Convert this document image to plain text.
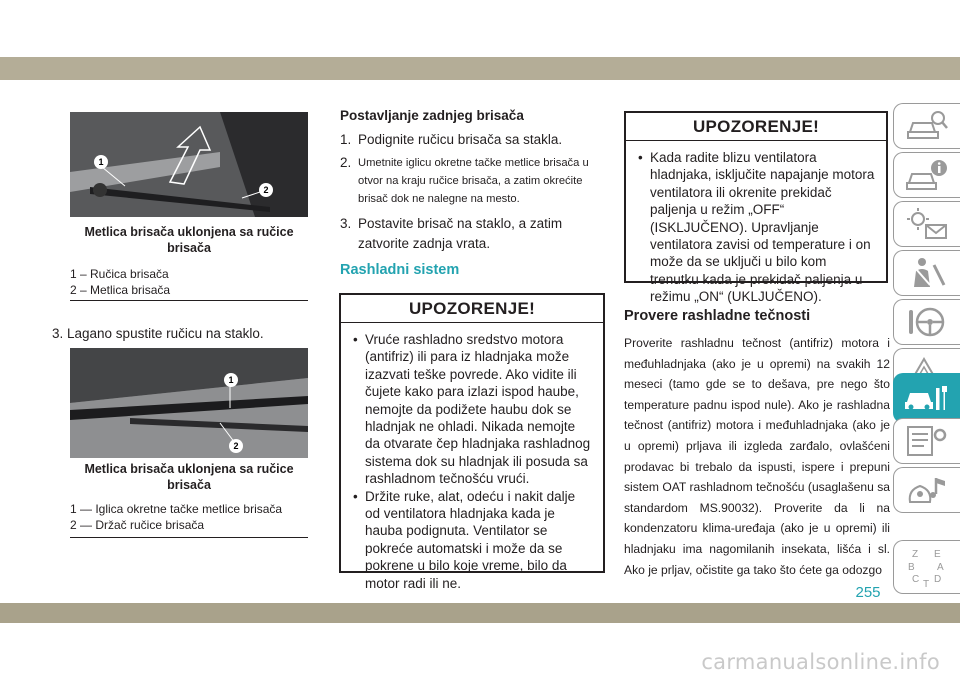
1
2
Metlica brisača uklonjena sa ručice brisača
1 – Ručica brisača
2 – Metlica brisača
3. Lagano spustite ručicu na staklo.
1
2
Metlica brisača uklonjena sa ručice brisača
1 — Iglica okretne tačke metlice brisača
2 — Držač ručice brisača
Postavljanje zadnjeg brisača
1. Podignite ručicu brisača sa stakla.
2. Umetnite iglicu okretne tačke metlice brisača u otvor na kraju ručice brisača, a zatim okrećite brisač dok ne nalegne na mesto.
3. Postavite brisač na staklo, a zatim zatvorite zadnja vrata.
Rashladni sistem
UPOZORENJE!
• Vruće rashladno sredstvo motora (antifriz) ili para iz hladnjaka može izazvati teške povrede. Ako vidite ili čujete kako para izlazi ispod haube, nemojte da podižete haubu dok se hladnjak ne ohladi. Nikada nemojte da otvarate čep hladnjaka rashladnog sistema dok su hladnjak ili posuda sa rashladnom tečnošću vrući.
• Držite ruke, alat, odeću i nakit dalje od ventilatora hladnjaka kada je hauba podignuta. Ventilator se pokreće automatski i može da se pokrene u bilo koje vreme, bilo da motor radi ili ne.
UPOZORENJE!
• Kada radite blizu ventilatora hladnjaka, isključite napajanje motora ventilatora ili okrenite prekidač paljenja u režim „OFF“ (ISKLJUČENO). Upravljanje ventilatora zavisi od temperature i on može da se uključi u bilo kom trenutku kada je prekidač paljenja u režimu „ON“ (UKLJUČENO).
Provere rashladne tečnosti
Proverite rashladnu tečnost (antifriz) motora i međuhladnjaka (ako je u opremi) na svakih 12 meseci (tamo gde se to dešava, pre nego što temperature padnu ispod nule). Ako je rashladna tečnost (antifriz) motora i međuhladnjaka (ako je u opremi) prljava ili izgleda zarđalo, ovlašćeni prodavac bi trebalo da ispusti, ispere i prepuni sistem OAT rashladnom tečnošću (usaglašenu sa standardom MS.90032). Proverite da li na kondenzatoru klima-uređaja (ako je u opremi) ili hladnjaku ima nagomilanih insekata, lišća i sl. Ako je prljav, očistite ga tako što ćete ga odozgo
Z E
B A
C D
T
255
carmanualsonline.info
